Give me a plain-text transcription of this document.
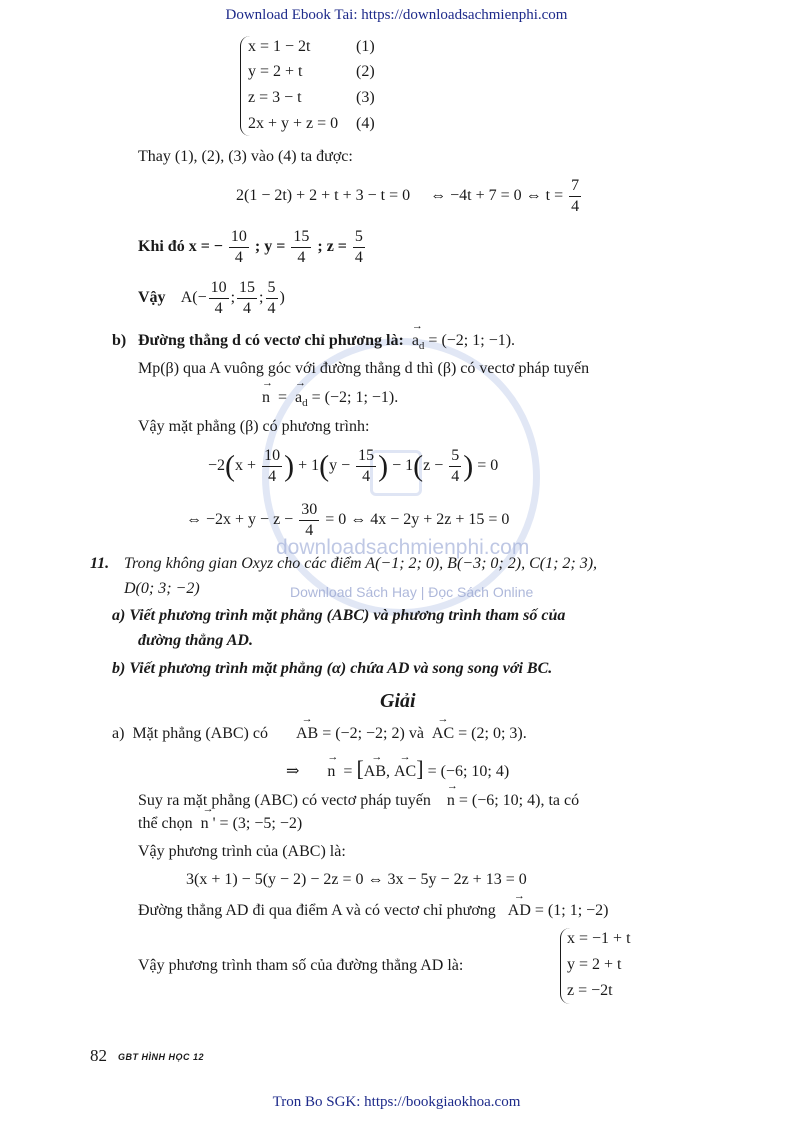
Download Ebook Tai: https://downloadsachmienphi.com
downloadsachmienphi.com
Download Sách Hay | Đọc Sách Online
x = 1 − 2t	(1)
y = 2 + t	(2)
z = 3 − t	(3)
2x + y + z = 0 (4)
Thay (1), (2), (3) vào (4) ta được:
2(1 − 2t) + 2 + t + 3 − t = 0 ⇔ −4t + 7 = 0 ⇔ $t = \frac{7}{4}$
Khi đó x = − $\frac{10}{4}$ ; $y = \frac{15}{4}$ ; $z = \frac{5}{4}$
Vậy $A(- \frac{10}{4}$ ; $\frac{15}{4}$ ; $\frac{5}{4}$ )
b) Đường thẳng d có vectơ chỉ phương là: → $a_d = (-2$; 1; −1).
Mp(β) qua A vuông góc với đường thẳng d thì (β) có vectơ pháp tuyến
→ n = → $a_d = (-2$; 1; −1).
Vậy mặt phẳng (β) có phương trình:
$-2(x + \frac{10}{4}$ ) + $1(y - \frac{15}{4}$ ) − $1(z - \frac{5}{4}$ ) = 0
⇔ $-2x + y - z - \frac{30}{4} = 0$ ⇔ 4x − 2y + 2z + 15 = 0
11. Trong không gian Oxyz cho các điểm A(−1; 2; 0), B(−3; 0; 2), C(1; 2; 3),
D(0; 3; −2)
a) Viết phương trình mặt phẳng (ABC) và phương trình tham số của
đường thẳng AD.
b) Viết phương trình mặt phẳng (α) chứa AD và song song với BC.
Giải
a) Mặt phẳng (ABC) có → AB = (−2; −2; 2) và → AC = (2; 0; 3).
⇒ → n = [→ AB, → AC] = (−6; 10; 4)
Suy ra mặt phẳng (ABC) có vectơ pháp tuyến → n = (−6; 10; 4), ta có
thể chọn → n ' = (3; −5; −2)
Vậy phương trình của (ABC) là:
3(x + 1) − 5(y − 2) − 2z = 0 ⇔ 3x − 5y − 2z + 13 = 0
Đường thẳng AD đi qua điểm A và có vectơ chỉ phương → AD = (1; 1; −2)
Vậy phương trình tham số của đường thẳng AD là:
x = −1 + t
y = 2 + t
z = −2t
82 GBT HÌNH HỌC 12
Tron Bo SGK: https://bookgiaokhoa.com
